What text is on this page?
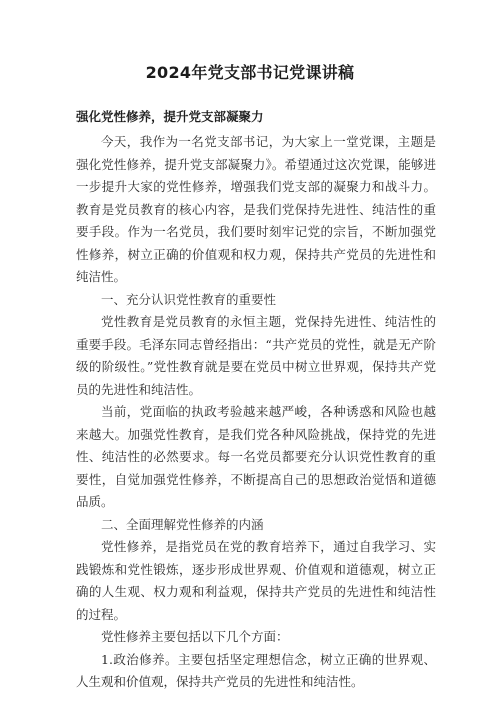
2024年党支部书记党课讲稿
强化党性修养，提升党支部凝聚力

今天，我作为一名党支部书记，为大家上一堂党课，主题是强化党性修养，提升党支部凝聚力》。希望通过这次党课，能够进一步提升大家的党性修养，增强我们党支部的凝聚力和战斗力。教育是党员教育的核心内容，是我们党保持先进性、纯洁性的重要手段。作为一名党员，我们要时刻牢记党的宗旨，不断加强党性修养，树立正确的价值观和权力观，保持共产党员的先进性和纯洁性。

一、充分认识党性教育的重要性

党性教育是党员教育的永恒主题，党保持先进性、纯洁性的重要手段。毛泽东同志曾经指出：“共产党员的党性，就是无产阶级的阶级性。”党性教育就是要在党员中树立世界观，保持共产党员的先进性和纯洁性。

当前，党面临的执政考验越来越严峻，各种诱惑和风险也越来越大。加强党性教育，是我们党各种风险挑战，保持党的先进性、纯洁性的必然要求。每一名党员都要充分认识党性教育的重要性，自觉加强党性修养，不断提高自己的思想政治觉悟和道德品质。

二、全面理解党性修养的内涵

党性修养，是指党员在党的教育培养下，通过自我学习、实践锻炼和党性锻炼，逐步形成世界观、价值观和道德观，树立正确的人生观、权力观和利益观，保持共产党员的先进性和纯洁性的过程。

党性修养主要包括以下几个方面：

1.政治修养。主要包括坚定理想信念，树立正确的世界观、人生观和价值观，保持共产党员的先进性和纯洁性。
